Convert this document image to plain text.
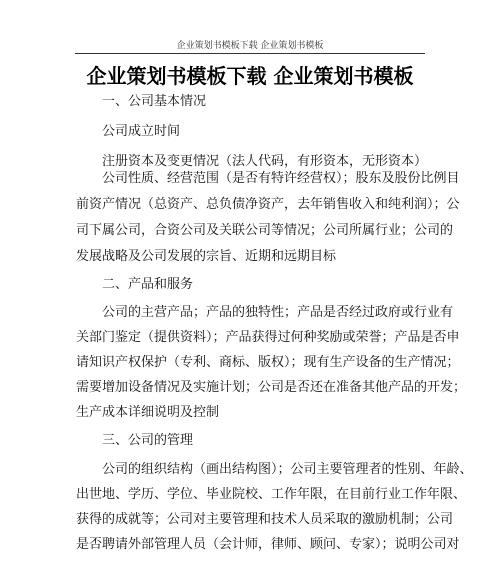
企业策划书模板下载 企业策划书模板
企业策划书模板下载 企业策划书模板
一、公司基本情况
公司成立时间
注册资本及变更情况（法人代码，有形资本，无形资本）
公司性质、经营范围（是否有特许经营权）；股东及股份比例目
前资产情况（总资产、总负债净资产，去年销售收入和纯利润）；公
司下属公司，合资公司及关联公司等情况；公司所属行业；公司的
发展战略及公司发展的宗旨、近期和远期目标
二、产品和服务
公司的主营产品；产品的独特性；产品是否经过政府或行业有
关部门鉴定（提供资料）；产品获得过何种奖励或荣誉；产品是否申
请知识产权保护（专利、商标、版权）；现有生产设备的生产情况；
需要增加设备情况及实施计划；公司是否还在准备其他产品的开发；
生产成本详细说明及控制
三、公司的管理
公司的组织结构（画出结构图）；公司主要管理者的性别、年龄、
出世地、学历、学位、毕业院校、工作年限，在目前行业工作年限、
获得的成就等；公司对主要管理和技术人员采取的激励机制；公司
是否聘请外部管理人员（会计师，律师、顾问、专家）；说明公司对
